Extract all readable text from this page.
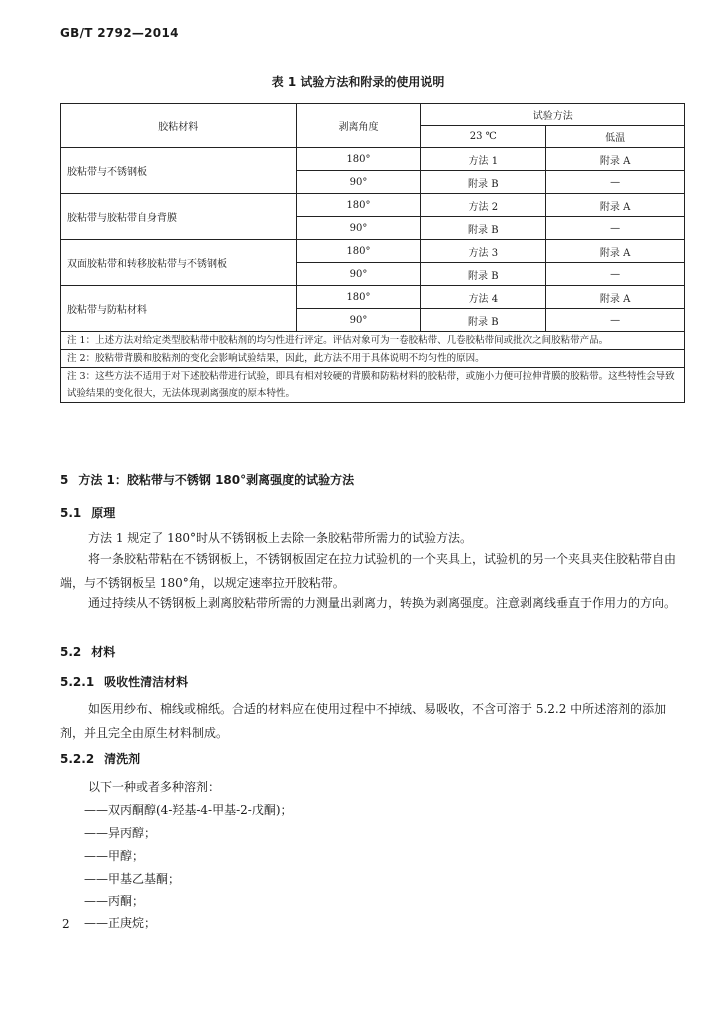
GB/T 2792—2014
表 1 试验方法和附录的使用说明
胶粘材料	剥离角度	试验方法	
		23 ℃	低温
胶粘带与不锈钢板	180°	方法 1	附录 A
	90°	附录 B	—
胶粘带与胶粘带自身背膜	180°	方法 2	附录 A
	90°	附录 B	—
双面胶粘带和转移胶粘带与不锈钢板	180°	方法 3	附录 A
	90°	附录 B	—
胶粘带与防粘材料	180°	方法 4	附录 A
	90°	附录 B	—
注 1：上述方法对给定类型胶粘带中胶粘剂的均匀性进行评定。评估对象可为一卷胶粘带、几卷胶粘带间或批次之间胶粘带产品。			
注 2：胶粘带背膜和胶粘剂的变化会影响试验结果，因此，此方法不用于具体说明不均匀性的原因。			
注 3：这些方法不适用于对下述胶粘带进行试验，即具有相对较硬的背膜和防粘材料的胶粘带，或施小力便可拉伸背膜的胶粘带。这些特性会导致试验结果的变化很大，无法体现剥离强度的原本特性。			
5 方法 1：胶粘带与不锈钢 180°剥离强度的试验方法
5.1 原理
方法 1 规定了 180°时从不锈钢板上去除一条胶粘带所需力的试验方法。
将一条胶粘带粘在不锈钢板上，不锈钢板固定在拉力试验机的一个夹具上，试验机的另一个夹具夹住胶粘带自由端，与不锈钢板呈 180°角，以规定速率拉开胶粘带。
通过持续从不锈钢板上剥离胶粘带所需的力测量出剥离力，转换为剥离强度。注意剥离线垂直于作用力的方向。
5.2 材料
5.2.1 吸收性清洁材料
如医用纱布、棉线或棉纸。合适的材料应在使用过程中不掉绒、易吸收，不含可溶于 5.2.2 中所述溶剂的添加剂，并且完全由原生材料制成。
5.2.2 清洗剂
以下一种或者多种溶剂：
——双丙酮醇(4-羟基-4-甲基-2-戊酮)；
——异丙醇；
——甲醇；
——甲基乙基酮；
——丙酮；
——正庚烷；
2
